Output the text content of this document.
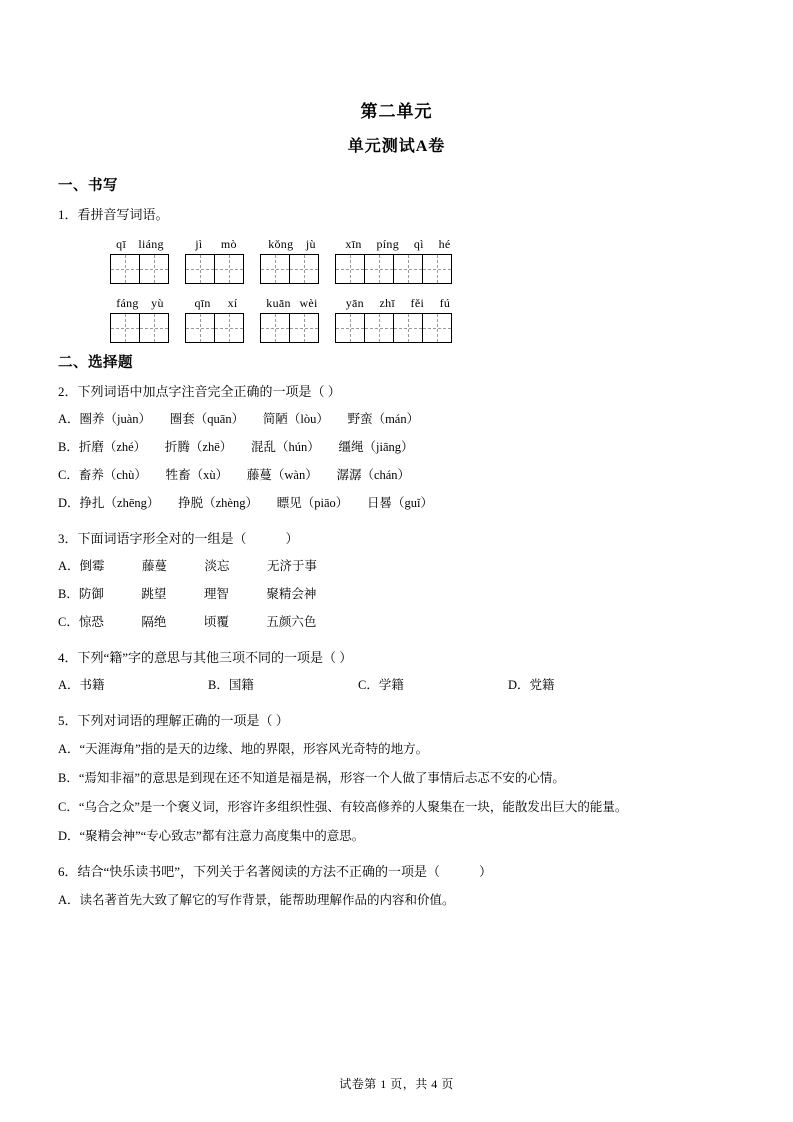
第二单元
单元测试A卷
一、书写
1．看拼音写词语。
qī liáng	jì mò	kǒng jù xīn píng qì hé
fáng yù	qīn xí kuān wèi yān zhī fěi fú
二、选择题
2．下列词语中加点字注音完全正确的一项是（ ）
A．圈养（juàn）　　圈套（quān）　　简陋（lòu）　　野蛮（mán）
B．折磨（zhé）　　折腾（zhē）　　混乱（hún）　　缰绳（jiāng）
C．畜养（chù）　　牲畜（xù）　　藤蔓（wàn）　　潺潺（chán）
D．挣扎（zhēng）　　挣脱（zhèng）　　瞟见（piāo）　　日晷（guǐ）
3．下面词语字形全对的一组是（　　　）
A．倒霉　　　藤蔓　　　淡忘　　　无济于事
B．防御　　　跳望　　　理智　　　聚精会神
C．惊恐　　　隔绝　　　顷覆　　　五颜六色
4．下列“籍”字的意思与其他三项不同的一项是（ ）
A．书籍	B．国籍	C．学籍	D．党籍
5．下列对词语的理解正确的一项是（ ）
A．“天涯海角”指的是天的边缘、地的界限，形容风光奇特的地方。
B．“焉知非福”的意思是到现在还不知道是福是祸，形容一个人做了事情后忐忑不安的心情。
C．“乌合之众”是一个褒义词，形容许多组织性强、有较高修养的人聚集在一块，能散发出巨大的能量。
D．“聚精会神”“专心致志”都有注意力高度集中的意思。
6．结合“快乐读书吧”，下列关于名著阅读的方法不正确的一项是（　　　）
A．读名著首先大致了解它的写作背景，能帮助理解作品的内容和价值。
试卷第 1 页，共 4 页
